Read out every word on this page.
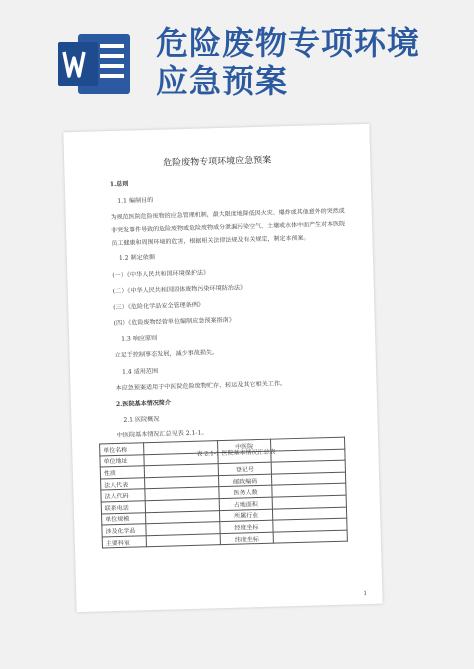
危险废物专项环境
应急预案
危险废物专项环境应急预案
1.总则
1.1 编制目的
为规范医院危险废物的应急管理机制，最大限度地降低因火灾、爆炸或其他意外的突然或非突发事件导致的危险废物或危险废物成分泄漏污染空气、土壤或水体中而产生对本医院员工健康和周围环境的危害，根据相关法律法规及有关规定，制定本预案。
1.2 制定依据
(一）《中华人民共和国环境保护法》
(二）《中华人民共和国固体废物污染环境防治法》
(三）《危险化学品安全管理条例》
(四）《危险废物经营单位编制应急预案指南》
1.3 响应原则
立足于控制事态发展，减少事故损失。
1.4 适用范围
本应急预案适用于中医院危险废物贮存、转运及其它相关工作。
2.医院基本情况简介
2.1 医院概况
中医院基本情况汇总见表 2.1-1。
单位名称		中医院	
单位地址			
性质		登记号	
法人代表		邮政编码	
法人代码		医务人数	
联系电话		占地面积	
单位规模		所属行业	
涉及化学品		经度坐标	
主要科室		纬度坐标	
表 2.1-1 医院基本情况汇总表
1
